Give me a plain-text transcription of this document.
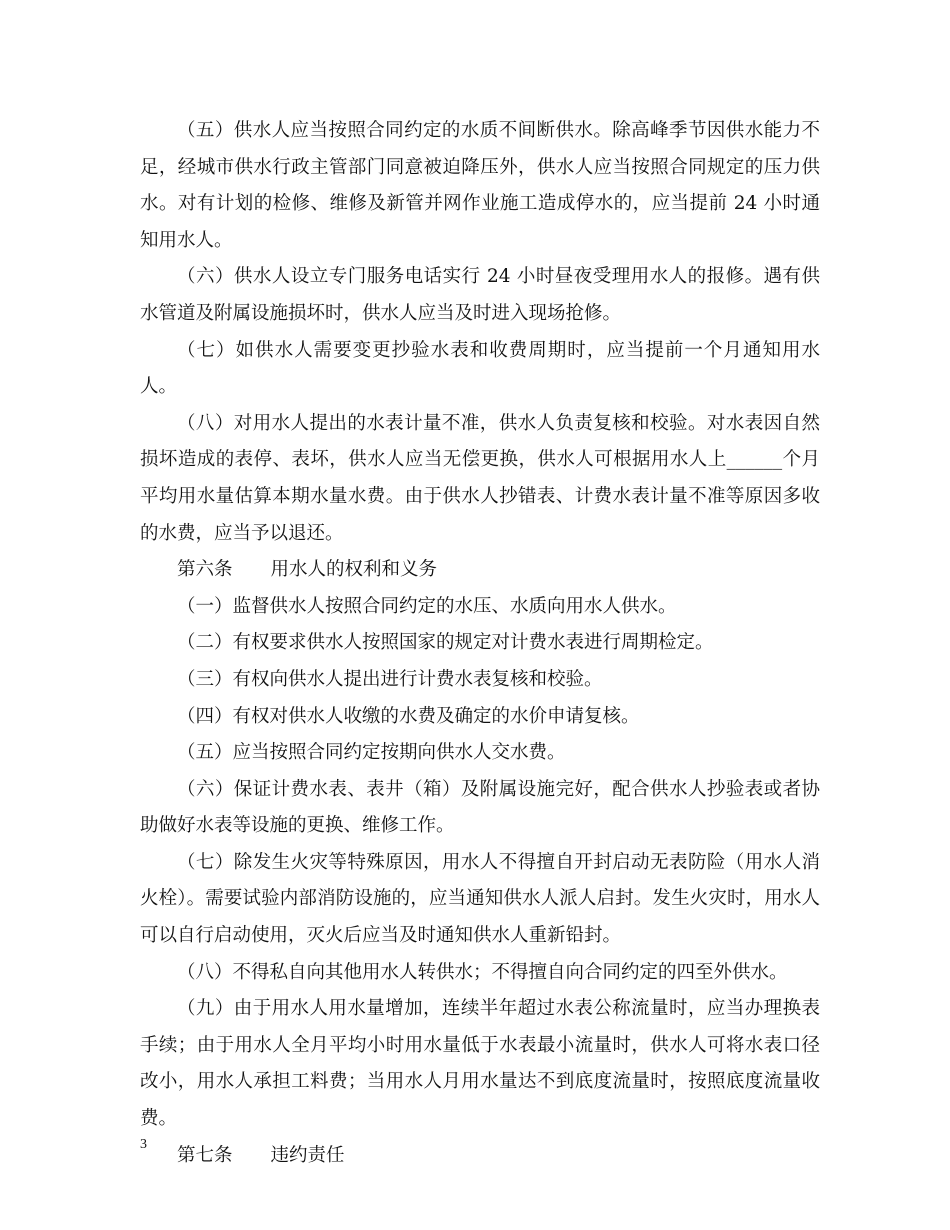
（五）供水人应当按照合同约定的水质不间断供水。除高峰季节因供水能力不足，经城市供水行政主管部门同意被迫降压外，供水人应当按照合同规定的压力供水。对有计划的检修、维修及新管并网作业施工造成停水的，应当提前 24 小时通知用水人。

（六）供水人设立专门服务电话实行 24 小时昼夜受理用水人的报修。遇有供水管道及附属设施损坏时，供水人应当及时进入现场抢修。

（七）如供水人需要变更抄验水表和收费周期时，应当提前一个月通知用水人。

（八）对用水人提出的水表计量不准，供水人负责复核和校验。对水表因自然损坏造成的表停、表坏，供水人应当无偿更换，供水人可根据用水人上______个月平均用水量估算本期水量水费。由于供水人抄错表、计费水表计量不准等原因多收的水费，应当予以退还。

第六条 用水人的权利和义务

（一）监督供水人按照合同约定的水压、水质向用水人供水。

（二）有权要求供水人按照国家的规定对计费水表进行周期检定。

（三）有权向供水人提出进行计费水表复核和校验。

（四）有权对供水人收缴的水费及确定的水价申请复核。

（五）应当按照合同约定按期向供水人交水费。

（六）保证计费水表、表井（箱）及附属设施完好，配合供水人抄验表或者协助做好水表等设施的更换、维修工作。

（七）除发生火灾等特殊原因，用水人不得擅自开封启动无表防险（用水人消火栓）。需要试验内部消防设施的，应当通知供水人派人启封。发生火灾时，用水人可以自行启动使用，灭火后应当及时通知供水人重新铅封。

（八）不得私自向其他用水人转供水；不得擅自向合同约定的四至外供水。

（九）由于用水人用水量增加，连续半年超过水表公称流量时，应当办理换表手续；由于用水人全月平均小时用水量低于水表最小流量时，供水人可将水表口径改小，用水人承担工料费；当用水人月用水量达不到底度流量时，按照底度流量收费。

第七条 违约责任

3
